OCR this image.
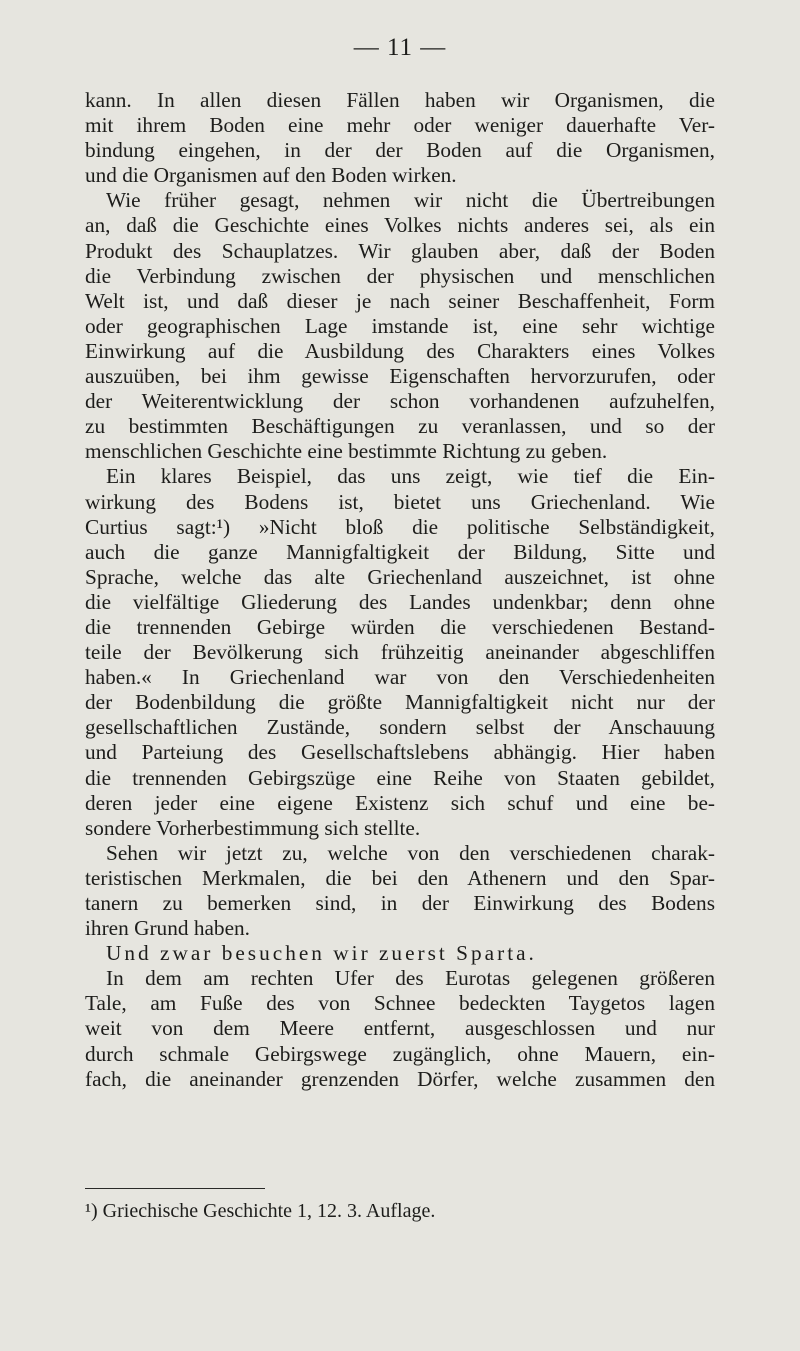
— 11 —

kann. In allen diesen Fällen haben wir Organismen, die
mit ihrem Boden eine mehr oder weniger dauerhafte Ver-
bindung eingehen, in der der Boden auf die Organismen,
und die Organismen auf den Boden wirken.

Wie früher gesagt, nehmen wir nicht die Übertreibungen
an, daß die Geschichte eines Volkes nichts anderes sei, als ein
Produkt des Schauplatzes. Wir glauben aber, daß der Boden
die Verbindung zwischen der physischen und menschlichen
Welt ist, und daß dieser je nach seiner Beschaffenheit, Form
oder geographischen Lage imstande ist, eine sehr wichtige
Einwirkung auf die Ausbildung des Charakters eines Volkes
auszuüben, bei ihm gewisse Eigenschaften hervorzurufen, oder
der Weiterentwicklung der schon vorhandenen aufzuhelfen,
zu bestimmten Beschäftigungen zu veranlassen, und so der
menschlichen Geschichte eine bestimmte Richtung zu geben.

Ein klares Beispiel, das uns zeigt, wie tief die Ein-
wirkung des Bodens ist, bietet uns Griechenland. Wie
Curtius sagt:¹) »Nicht bloß die politische Selbständigkeit,
auch die ganze Mannigfaltigkeit der Bildung, Sitte und
Sprache, welche das alte Griechenland auszeichnet, ist ohne
die vielfältige Gliederung des Landes undenkbar; denn ohne
die trennenden Gebirge würden die verschiedenen Bestand-
teile der Bevölkerung sich frühzeitig aneinander abgeschliffen
haben.« In Griechenland war von den Verschiedenheiten
der Bodenbildung die größte Mannigfaltigkeit nicht nur der
gesellschaftlichen Zustände, sondern selbst der Anschauung
und Parteiung des Gesellschaftslebens abhängig. Hier haben
die trennenden Gebirgszüge eine Reihe von Staaten gebildet,
deren jeder eine eigene Existenz sich schuf und eine be-
sondere Vorherbestimmung sich stellte.

Sehen wir jetzt zu, welche von den verschiedenen charak-
teristischen Merkmalen, die bei den Athenern und den Spar-
tanern zu bemerken sind, in der Einwirkung des Bodens
ihren Grund haben.

Und zwar besuchen wir zuerst Sparta.

In dem am rechten Ufer des Eurotas gelegenen größeren
Tale, am Fuße des von Schnee bedeckten Taygetos lagen
weit von dem Meere entfernt, ausgeschlossen und nur
durch schmale Gebirgswege zugänglich, ohne Mauern, ein-
fach, die aneinander grenzenden Dörfer, welche zusammen den

¹) Griechische Geschichte 1, 12. 3. Auflage.
